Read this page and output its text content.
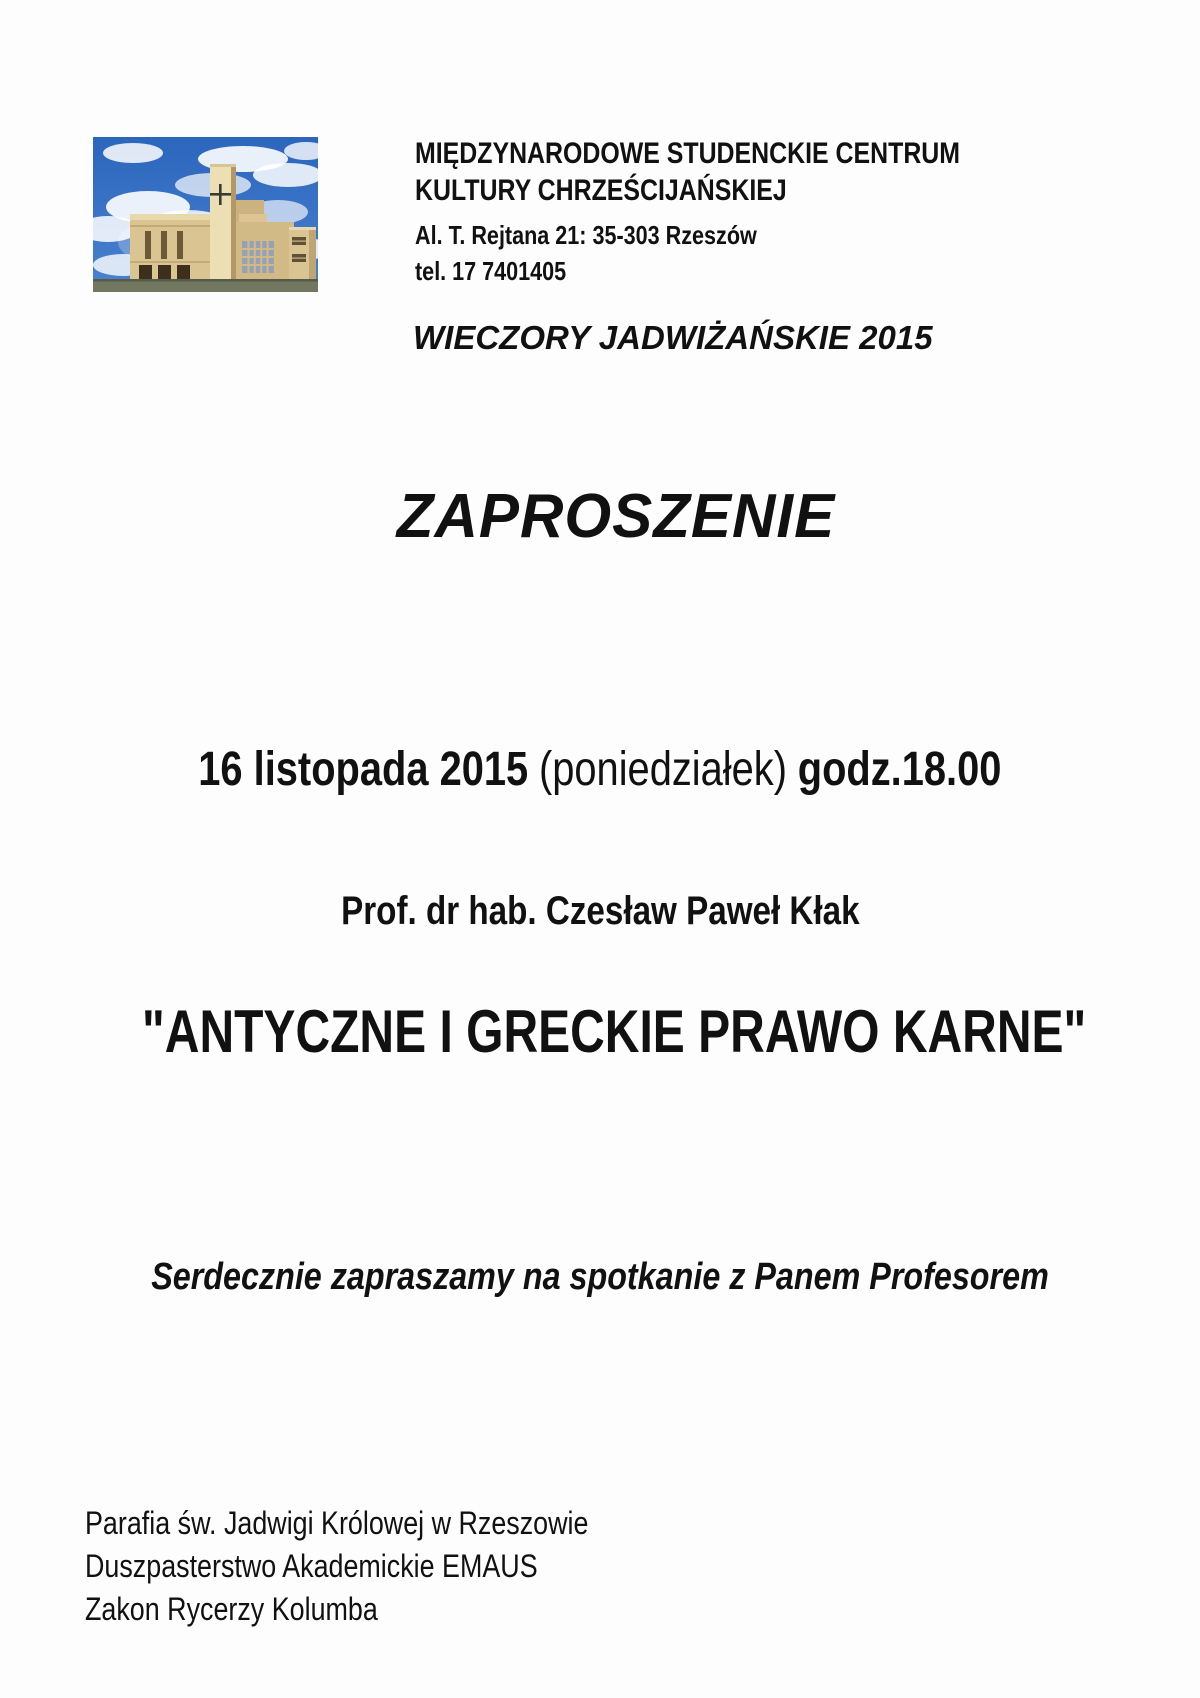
MIĘDZYNARODOWE STUDENCKIE CENTRUM
KULTURY CHRZEŚCIJAŃSKIEJ
Al. T. Rejtana 21: 35-303 Rzeszów
tel. 17 7401405
WIECZORY JADWIŻAŃSKIE 2015
ZAPROSZENIE
16 listopada 2015 (poniedziałek) godz.18.00
Prof. dr hab. Czesław Paweł Kłak
"ANTYCZNE I GRECKIE PRAWO KARNE"
Serdecznie zapraszamy na spotkanie z Panem Profesorem
Parafia św. Jadwigi Królowej w Rzeszowie
Duszpasterstwo Akademickie EMAUS
Zakon Rycerzy Kolumba
